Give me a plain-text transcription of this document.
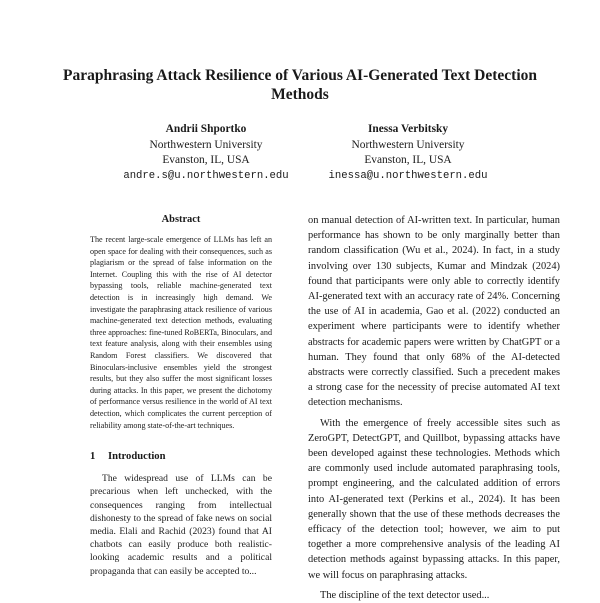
Paraphrasing Attack Resilience of Various AI-Generated Text Detection Methods
Andrii Shportko
Northwestern University
Evanston, IL, USA
andre.s@u.northwestern.edu
Inessa Verbitsky
Northwestern University
Evanston, IL, USA
inessa@u.northwestern.edu
Abstract

The recent large-scale emergence of LLMs has left an open space for dealing with their consequences, such as plagiarism or the spread of false information on the Internet. Coupling this with the rise of AI detector bypassing tools, reliable machine-generated text detection is in increasingly high demand. We investigate the paraphrasing attack resilience of various machine-generated text detection methods, evaluating three approaches: fine-tuned RoBERTa, Binoculars, and text feature analysis, along with their ensembles using Random Forest classifiers. We discovered that Binoculars-inclusive ensembles yield the strongest results, but they also suffer the most significant losses during attacks. In this paper, we present the dichotomy of performance versus resilience in the world of AI text detection, which complicates the current perception of reliability among state-of-the-art techniques.

1 Introduction

The widespread use of LLMs can be precarious when left unchecked, with the consequences ranging from intellectual dishonesty to the spread of fake news on social media. Elali and Rachid (2023) found that AI chatbots can easily produce both realistic-looking academic results and a political propaganda that can easily be accepted to...

on manual detection of AI-written text. In particular, human performance has shown to be only marginally better than random classification (Wu et al., 2024). In fact, in a study involving over 130 subjects, Kumar and Mindzak (2024) found that participants were only able to correctly identify AI-generated text with an accuracy rate of 24%. Concerning the use of AI in academia, Gao et al. (2022) conducted an experiment where participants were to identify whether abstracts for academic papers were written by ChatGPT or a human. They found that only 68% of the AI-detected abstracts were correctly classified. Such a precedent makes a strong case for the necessity of precise automated AI text detection mechanisms.

With the emergence of freely accessible sites such as ZeroGPT, DetectGPT, and Quillbot, bypassing attacks have been developed against these technologies. Methods which are commonly used include automated paraphrasing tools, prompt engineering, and the calculated addition of errors into AI-generated text (Perkins et al., 2024). It has been generally shown that the use of these methods decreases the efficacy of the detection tool; however, we aim to put together a more comprehensive analysis of the leading AI detection methods against bypassing attacks. In this paper, we will focus on paraphrasing attacks.

The discipline of the text detector used...
